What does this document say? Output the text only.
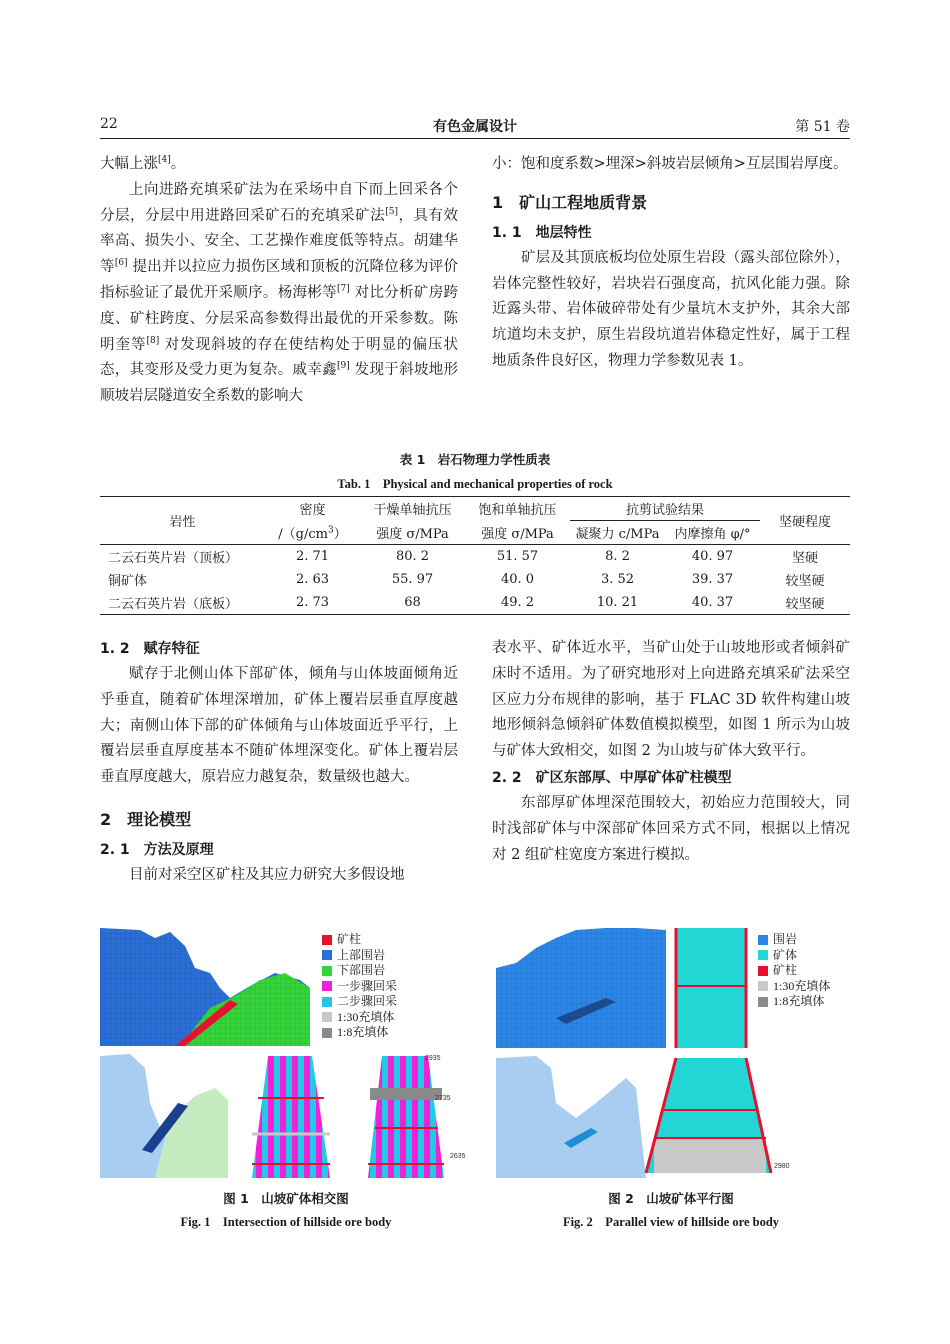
22	有色金属设计	第 51 卷

大幅上涨[4]。

上向进路充填采矿法为在采场中自下而上回采各个分层，分层中用进路回采矿石的充填采矿法[5]，具有效率高、损失小、安全、工艺操作难度低等特点。胡建华等[6] 提出并以拉应力损伤区域和顶板的沉降位移为评价指标验证了最优开采顺序。杨海彬等[7] 对比分析矿房跨度、矿柱跨度、分层采高参数得出最优的开采参数。陈明奎等[8] 对发现斜坡的存在使结构处于明显的偏压状态，其变形及受力更为复杂。戚幸鑫[9] 发现于斜坡地形顺坡岩层隧道安全系数的影响大

小：饱和度系数>埋深>斜坡岩层倾角>互层围岩厚度。

1　矿山工程地质背景
1. 1　地层特性

矿层及其顶底板均位处原生岩段（露头部位除外），岩体完整性较好，岩块岩石强度高，抗风化能力强。除近露头带、岩体破碎带处有少量坑木支护外，其余大部坑道均未支护，原生岩段坑道岩体稳定性好，属于工程地质条件良好区，物理力学参数见表 1。

表 1　岩石物理力学性质表
Tab. 1　Physical and mechanical properties of rock
岩性	密度	干燥单轴抗压	饱和单轴抗压	抗剪试验结果		坚硬程度
	$/(g/cm^3)$	强度 σ/MPa	强度 σ/MPa	凝聚力 c/MPa	内摩擦角 φ/°	
二云石英片岩（顶板）	2. 71	80. 2	51. 57	8. 2	40. 97	坚硬
铜矿体	2. 63	55. 97	40. 0	3. 52	39. 37	较坚硬
二云石英片岩（底板）	2. 73	68	49. 2	10. 21	40. 37	较坚硬
1. 2　赋存特征

赋存于北侧山体下部矿体，倾角与山体坡面倾角近乎垂直，随着矿体埋深增加，矿体上覆岩层垂直厚度越大；南侧山体下部的矿体倾角与山体坡面近乎平行，上覆岩层垂直厚度基本不随矿体埋深变化。矿体上覆岩层垂直厚度越大，原岩应力越复杂，数量级也越大。

2　理论模型
2. 1　方法及原理

目前对采空区矿柱及其应力研究大多假设地

表水平、矿体近水平，当矿山处于山坡地形或者倾斜矿床时不适用。为了研究地形对上向进路充填采矿法采空区应力分布规律的影响，基于 FLAC 3D 软件构建山坡地形倾斜急倾斜矿体数值模拟模型，如图 1 所示为山坡与矿体大致相交，如图 2 为山坡与矿体大致平行。

2. 2　矿区东部厚、中厚矿体矿柱模型

东部厚矿体埋深范围较大，初始应力范围较大，同时浅部矿体与中深部矿体回采方式不同，根据以上情况对 2 组矿柱宽度方案进行模拟。

2935
2735
2635
矿柱
上部围岩
下部围岩
一步骤回采
二步骤回采
1:30充填体
1:8充填体
图 1　山坡矿体相交图
Fig. 1　Intersection of hillside ore body
2980
围岩
矿体
矿柱
1:30充填体
1:8充填体
图 2　山坡矿体平行图
Fig. 2　Parallel view of hillside ore body
